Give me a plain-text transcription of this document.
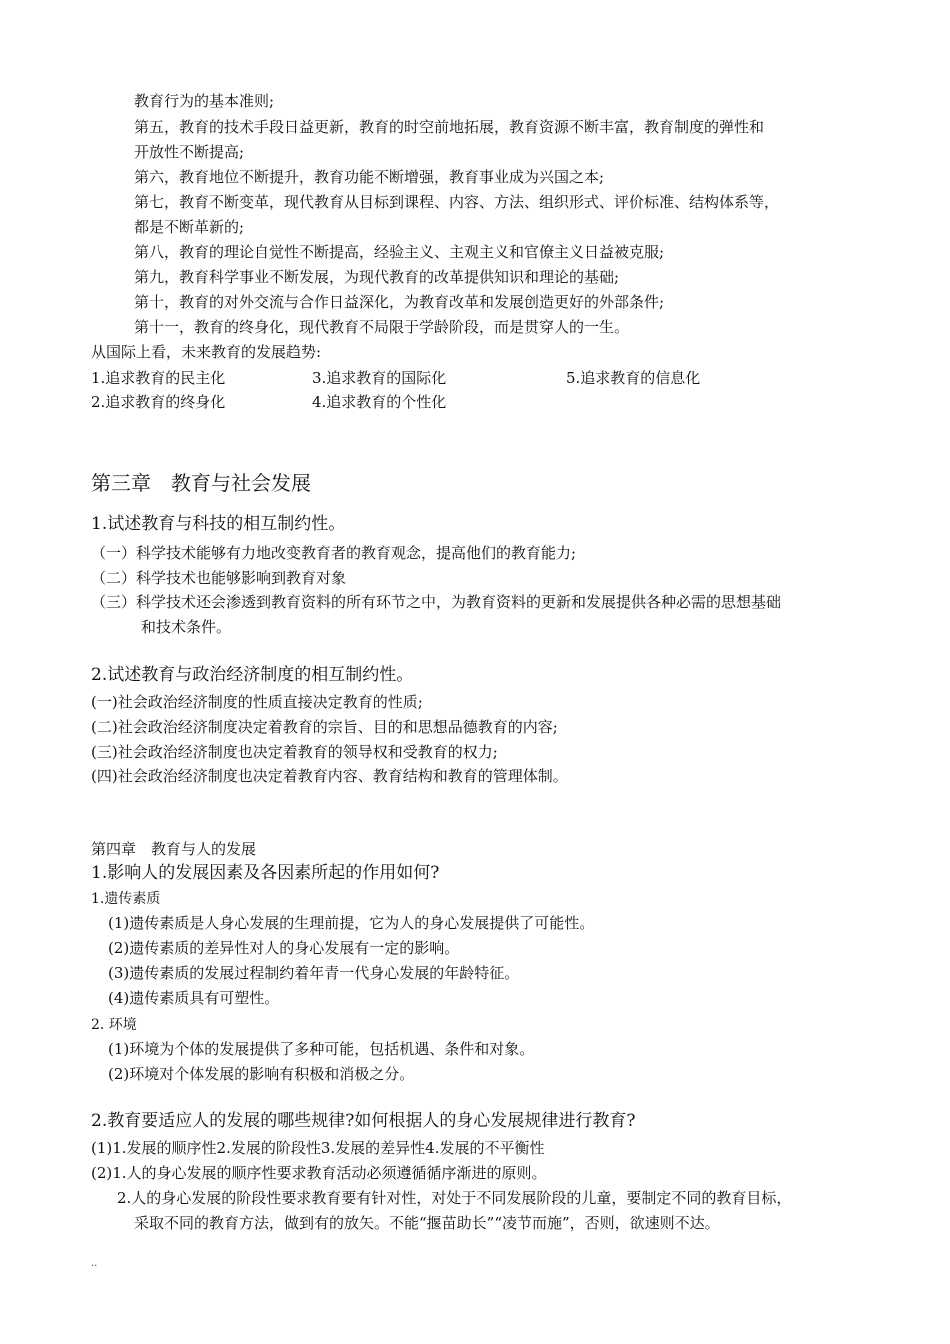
教育行为的基本准则;
第五，教育的技术手段日益更新，教育的时空前地拓展，教育资源不断丰富，教育制度的弹性和
开放性不断提高;
第六，教育地位不断提升，教育功能不断增强，教育事业成为兴国之本;
第七，教育不断变革，现代教育从目标到课程、内容、方法、组织形式、评价标准、结构体系等，
都是不断革新的;
第八，教育的理论自觉性不断提高，经验主义、主观主义和官僚主义日益被克服;
第九，教育科学事业不断发展，为现代教育的改革提供知识和理论的基础;
第十，教育的对外交流与合作日益深化，为教育改革和发展创造更好的外部条件;
第十一，教育的终身化，现代教育不局限于学龄阶段，而是贯穿人的一生。
从国际上看，未来教育的发展趋势:
1.追求教育的民主化	3.追求教育的国际化	5.追求教育的信息化
2.追求教育的终身化	4.追求教育的个性化
第三章　教育与社会发展
1.试述教育与科技的相互制约性。
（一）科学技术能够有力地改变教育者的教育观念，提高他们的教育能力;
（二）科学技术也能够影响到教育对象
（三）科学技术还会渗透到教育资料的所有环节之中，为教育资料的更新和发展提供各种必需的思想基础
和技术条件。
2.试述教育与政治经济制度的相互制约性。
(一)社会政治经济制度的性质直接决定教育的性质;
(二)社会政治经济制度决定着教育的宗旨、目的和思想品德教育的内容;
(三)社会政治经济制度也决定着教育的领导权和受教育的权力;
(四)社会政治经济制度也决定着教育内容、教育结构和教育的管理体制。
第四章　教育与人的发展
1.影响人的发展因素及各因素所起的作用如何?
1.遗传素质
(1)遗传素质是人身心发展的生理前提，它为人的身心发展提供了可能性。
(2)遗传素质的差异性对人的身心发展有一定的影响。
(3)遗传素质的发展过程制约着年青一代身心发展的年龄特征。
(4)遗传素质具有可塑性。
2. 环境
(1)环境为个体的发展提供了多种可能，包括机遇、条件和对象。
(2)环境对个体发展的影响有积极和消极之分。
2.教育要适应人的发展的哪些规律?如何根据人的身心发展规律进行教育?
(1)1.发展的顺序性2.发展的阶段性3.发展的差异性4.发展的不平衡性
(2)1.人的身心发展的顺序性要求教育活动必须遵循循序渐进的原则。
2.人的身心发展的阶段性要求教育要有针对性，对处于不同发展阶段的儿童，要制定不同的教育目标，
采取不同的教育方法，做到有的放矢。不能“揠苗助长”“凌节而施”，否则，欲速则不达。
..
